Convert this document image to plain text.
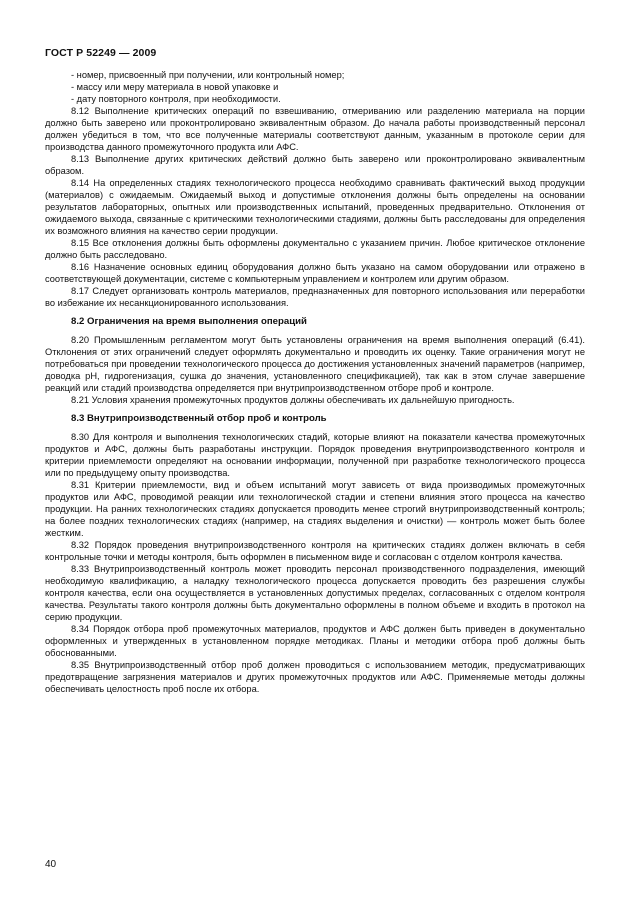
ГОСТ Р 52249 — 2009

- номер, присвоенный при получении, или контрольный номер;

- массу или меру материала в новой упаковке и

- дату повторного контроля, при необходимости.

8.12 Выполнение критических операций по взвешиванию, отмериванию или разделению материала на порции должно быть заверено или проконтролировано эквивалентным образом. До начала работы производственный персонал должен убедиться в том, что все полученные материалы соответствуют данным, указанным в протоколе серии для производства данного промежуточного продукта или АФС.

8.13 Выполнение других критических действий должно быть заверено или проконтролировано эквивалентным образом.

8.14 На определенных стадиях технологического процесса необходимо сравнивать фактический выход продукции (материалов) с ожидаемым. Ожидаемый выход и допустимые отклонения должны быть определены на основании результатов лабораторных, опытных или производственных испытаний, проведенных предварительно. Отклонения от ожидаемого выхода, связанные с критическими технологическими стадиями, должны быть расследованы для определения их возможного влияния на качество серии продукции.

8.15 Все отклонения должны быть оформлены документально с указанием причин. Любое критическое отклонение должно быть расследовано.

8.16 Назначение основных единиц оборудования должно быть указано на самом оборудовании или отражено в соответствующей документации, системе с компьютерным управлением и контролем или другим образом.

8.17 Следует организовать контроль материалов, предназначенных для повторного использования или переработки во избежание их несанкционированного использования.

8.2 Ограничения на время выполнения операций

8.20 Промышленным регламентом могут быть установлены ограничения на время выполнения операций (6.41). Отклонения от этих ограничений следует оформлять документально и проводить их оценку. Такие ограничения могут не потребоваться при проведении технологического процесса до достижения установленных значений параметров (например, доводка рН, гидрогенизация, сушка до значения, установленного спецификацией), так как в этом случае завершение реакций или стадий производства определяется при внутрипроизводственном отборе проб и контроле.

8.21 Условия хранения промежуточных продуктов должны обеспечивать их дальнейшую пригодность.

8.3 Внутрипроизводственный отбор проб и контроль

8.30 Для контроля и выполнения технологических стадий, которые влияют на показатели качества промежуточных продуктов и АФС, должны быть разработаны инструкции. Порядок проведения внутрипроизводственного контроля и критерии приемлемости определяют на основании информации, полученной при разработке технологического процесса или по предыдущему опыту производства.

8.31 Критерии приемлемости, вид и объем испытаний могут зависеть от вида производимых промежуточных продуктов или АФС, проводимой реакции или технологической стадии и степени влияния этого процесса на качество продукции. На ранних технологических стадиях допускается проводить менее строгий внутрипроизводственный контроль; на более поздних технологических стадиях (например, на стадиях выделения и очистки) — контроль может быть более жестким.

8.32 Порядок проведения внутрипроизводственного контроля на критических стадиях должен включать в себя контрольные точки и методы контроля, быть оформлен в письменном виде и согласован с отделом контроля качества.

8.33 Внутрипроизводственный контроль может проводить персонал производственного подразделения, имеющий необходимую квалификацию, а наладку технологического процесса допускается проводить без разрешения службы контроля качества, если она осуществляется в установленных допустимых пределах, согласованных с отделом контроля качества. Результаты такого контроля должны быть документально оформлены в полном объеме и входить в протокол на серию продукции.

8.34 Порядок отбора проб промежуточных материалов, продуктов и АФС должен быть приведен в документально оформленных и утвержденных в установленном порядке методиках. Планы и методики отбора проб должны быть обоснованными.

8.35 Внутрипроизводственный отбор проб должен проводиться с использованием методик, предусматривающих предотвращение загрязнения материалов и других промежуточных продуктов или АФС. Применяемые методы должны обеспечивать целостность проб после их отбора.

40
